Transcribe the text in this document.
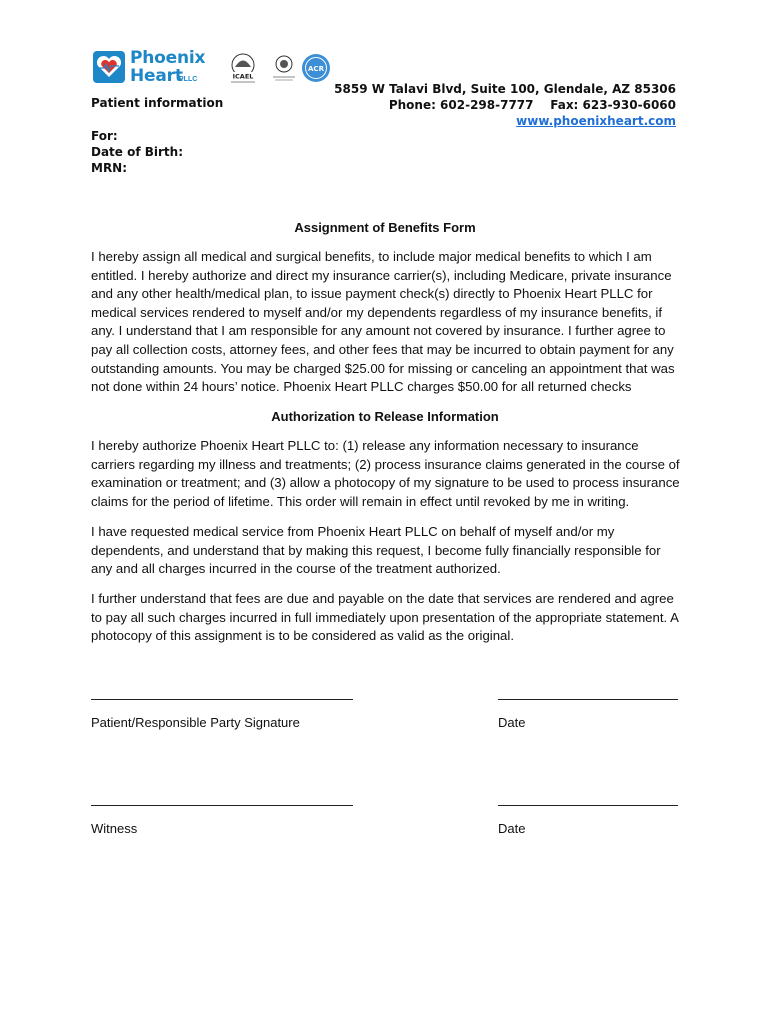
Phoenix
Heart
PLLC	ICAEL
ACR
5859 W Talavi Blvd, Suite 100, Glendale, AZ 85306
Phone: 602-298-7777    Fax: 623-930-6060
www.phoenixheart.com
Patient information
For:
Date of Birth:
MRN:
Assignment of Benefits Form
I hereby assign all medical and surgical benefits, to include major medical benefits to which I am entitled. I hereby authorize and direct my insurance carrier(s), including Medicare, private insurance and any other health/medical plan, to issue payment check(s) directly to Phoenix Heart PLLC for medical services rendered to myself and/or my dependents regardless of my insurance benefits, if any. I understand that I am responsible for any amount not covered by insurance. I further agree to pay all collection costs, attorney fees, and other fees that may be incurred to obtain payment for any outstanding amounts. You may be charged $25.00 for missing or canceling an appointment that was not done within 24 hours’ notice. Phoenix Heart PLLC charges $50.00 for all returned checks
Authorization to Release Information
I hereby authorize Phoenix Heart PLLC to: (1) release any information necessary to insurance carriers regarding my illness and treatments; (2) process insurance claims generated in the course of examination or treatment; and (3) allow a photocopy of my signature to be used to process insurance claims for the period of lifetime. This order will remain in effect until revoked by me in writing.
I have requested medical service from Phoenix Heart PLLC on behalf of myself and/or my dependents, and understand that by making this request, I become fully financially responsible for any and all charges incurred in the course of the treatment authorized.
I further understand that fees are due and payable on the date that services are rendered and agree to pay all such charges incurred in full immediately upon presentation of the appropriate statement. A photocopy of this assignment is to be considered as valid as the original.
Patient/Responsible Party Signature	Date
Witness	Date
